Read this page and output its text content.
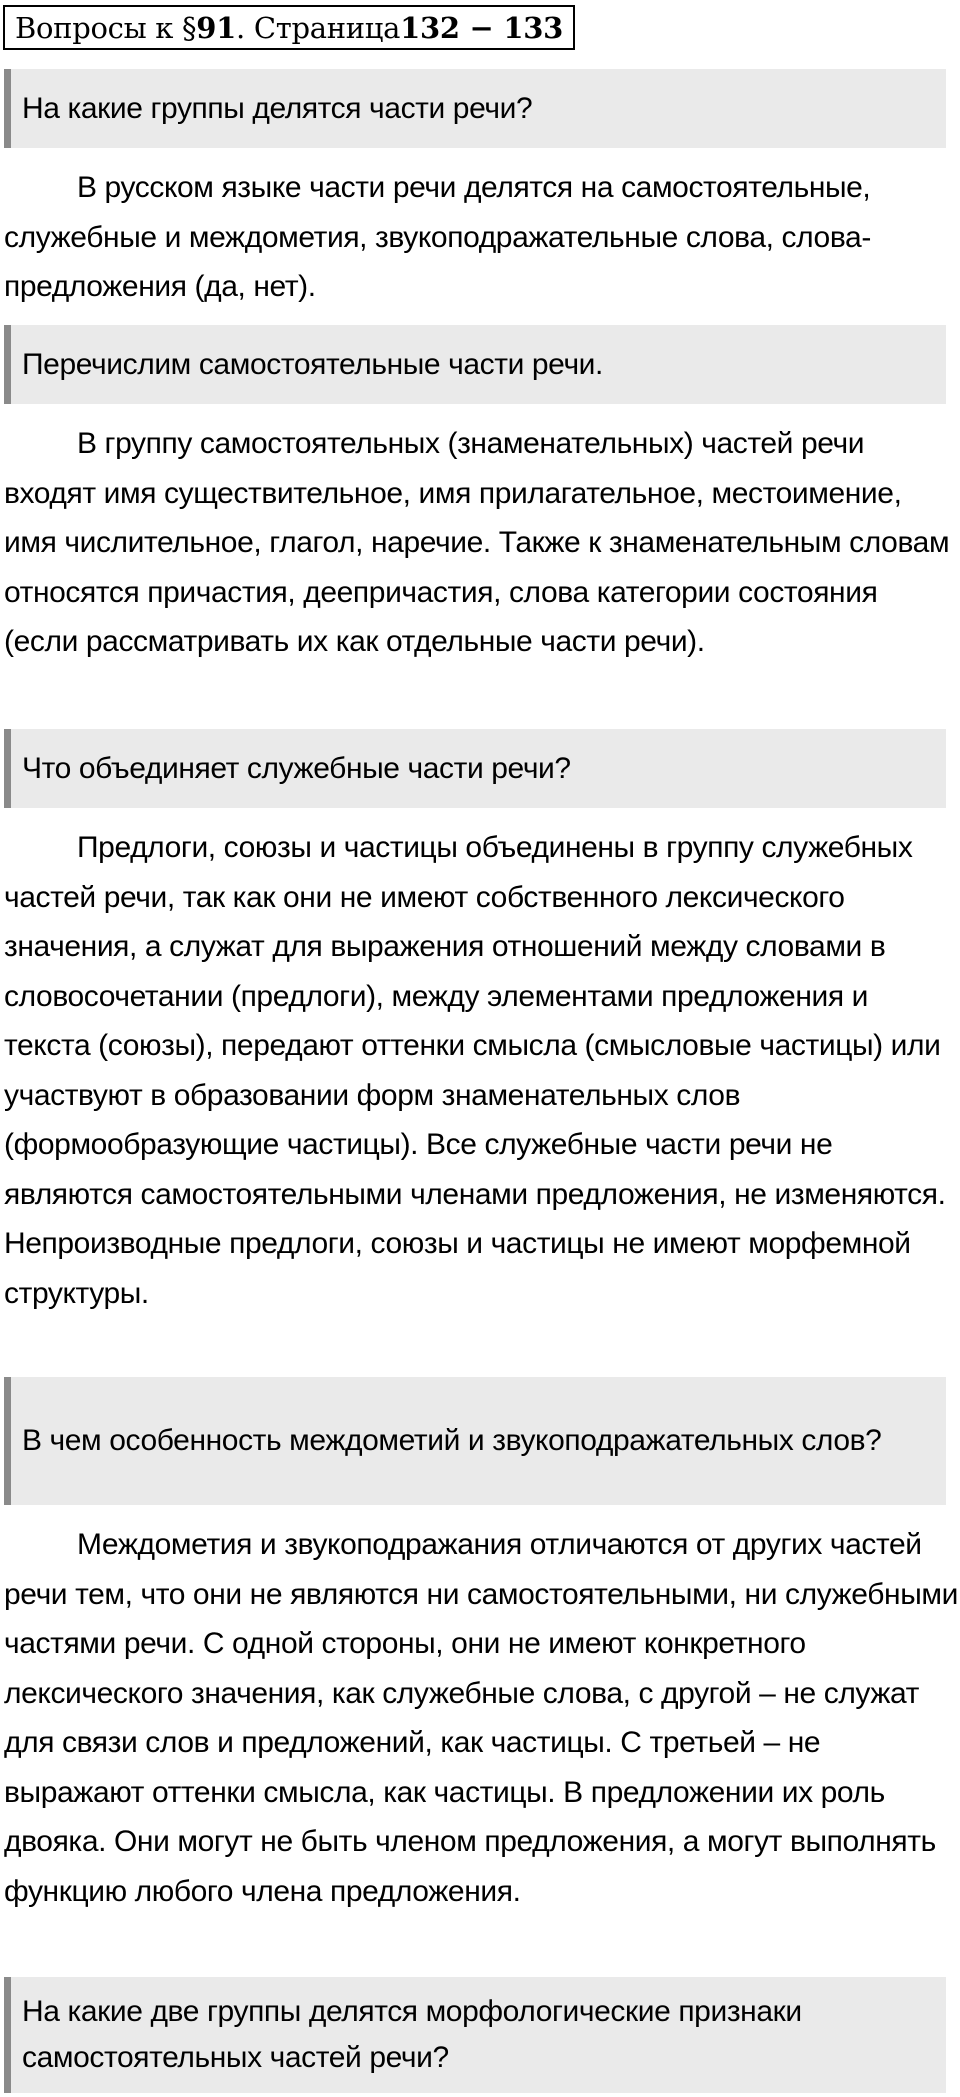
Вопросы к § 91 . Страница 132 − 133
На какие группы делятся части речи?

В русском языке части речи делятся на самостоятельные, служебные и междометия, звукоподражательные слова, слова-предложения (да, нет).

Перечислим самостоятельные части речи.

В группу самостоятельных (знаменательных) частей речи входят имя существительное, имя прилагательное, местоимение, имя числительное, глагол, наречие. Также к знаменательным словам относятся причастия, деепричастия, слова категории состояния (если рассматривать их как отдельные части речи).

Что объединяет служебные части речи?

Предлоги, союзы и частицы объединены в группу служебных частей речи, так как они не имеют собственного лексического значения, а служат для выражения отношений между словами в словосочетании (предлоги), между элементами предложения и текста (союзы), передают оттенки смысла (смысловые частицы) или участвуют в образовании форм знаменательных слов (формообразующие частицы). Все служебные части речи не являются самостоятельными членами предложения, не изменяются. Непроизводные предлоги, союзы и частицы не имеют морфемной структуры.

В чем особенность междометий и звукоподражательных слов?

Междометия и звукоподражания отличаются от других частей речи тем, что они не являются ни самостоятельными, ни служебными частями речи. С одной стороны, они не имеют конкретного лексического значения, как служебные слова, с другой – не служат для связи слов и предложений, как частицы. С третьей – не выражают оттенки смысла, как частицы. В предложении их роль двояка. Они могут не быть членом предложения, а могут выполнять функцию любого члена предложения.

На какие две группы делятся морфологические признаки самостоятельных частей речи?
